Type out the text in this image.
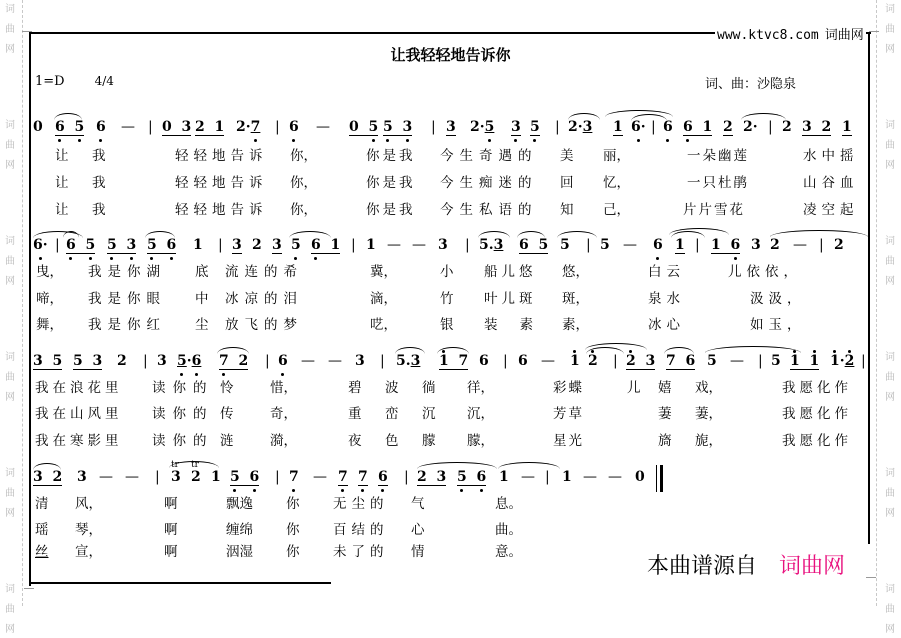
词
曲
网
词
曲
网
词
曲
网
词
曲
网
词
曲
网
词
曲
网
词
曲
网
词
曲
网
词
曲
网
词
曲
网
词
曲
网
词
曲
网
www.ktvc8.com 词曲网
让我轻轻地告诉你
1=D	4/4	词、曲：沙隐泉
0 6 5 6 — | 0  3 2  1 2·7 | 6 — 0  5 5 3 | 3 2·5 3 5 | 2·3 1 6· | 6 6  1 2 2· | 2 3  2 1
让 我	轻轻地告诉 你，	你是我 今生奇遇的 美 丽，	一朵幽莲	水中摇
让 我	轻轻地告诉 你，	你是我 今生痴迷的 回 忆，	一只杜鹃	山谷血
让 我	轻轻地告诉 你，	你是我 今生私语的 知 己，	片片雪花	凌空起
6· | 6 5 5 3 5 6 1 | 3 2 3 5 6  1 | 1 — — 3 | 5.3 6  5 5 | 5 — 6 1 | 1  6 3 2 — | 2
曳， 我是你湖 底 流连的希	冀，	小 船儿悠 悠，	白云	儿依依，
啼， 我是你眼 中 冰凉的泪	滴，	竹 叶儿斑 斑，	泉水	汲汲，
舞， 我是你红 尘 放飞的梦	呓，	银 装素 素，	冰心	如玉，
3  5 5  3 2 | 3 5·6 7  2 | 6 — — 3 | 5.3 1  7 6 | 6 — 1 2 | 2  3 7  6 5 — | 5 1 1 1·2 |
我在浪花里 读你的 怜	惜，	碧 波 徜 徉，	彩蝶	儿 嬉 戏，	我愿化作
我在山风里 读你的 传	奇，	重 峦 沉 沉，	芳草	萋 萋，	我愿化作
我在寒影里 读你的 涟	漪，	夜 色 朦 朦，	星光	旖 旎，	我愿化作
3  2 3 — — |
tr tr
3 2 1 5 6 | 7 — 7 7 6 | 2  3 5 6 1 — | 1 — — 0
清 风，	啊	飘逸 你 无尘的 气	息。
瑶 琴，	啊	缠绵 你 百结的 心	曲。
丝 宣，	啊	洇湿 你 未了的 情	意。
本曲谱源自 词曲网
